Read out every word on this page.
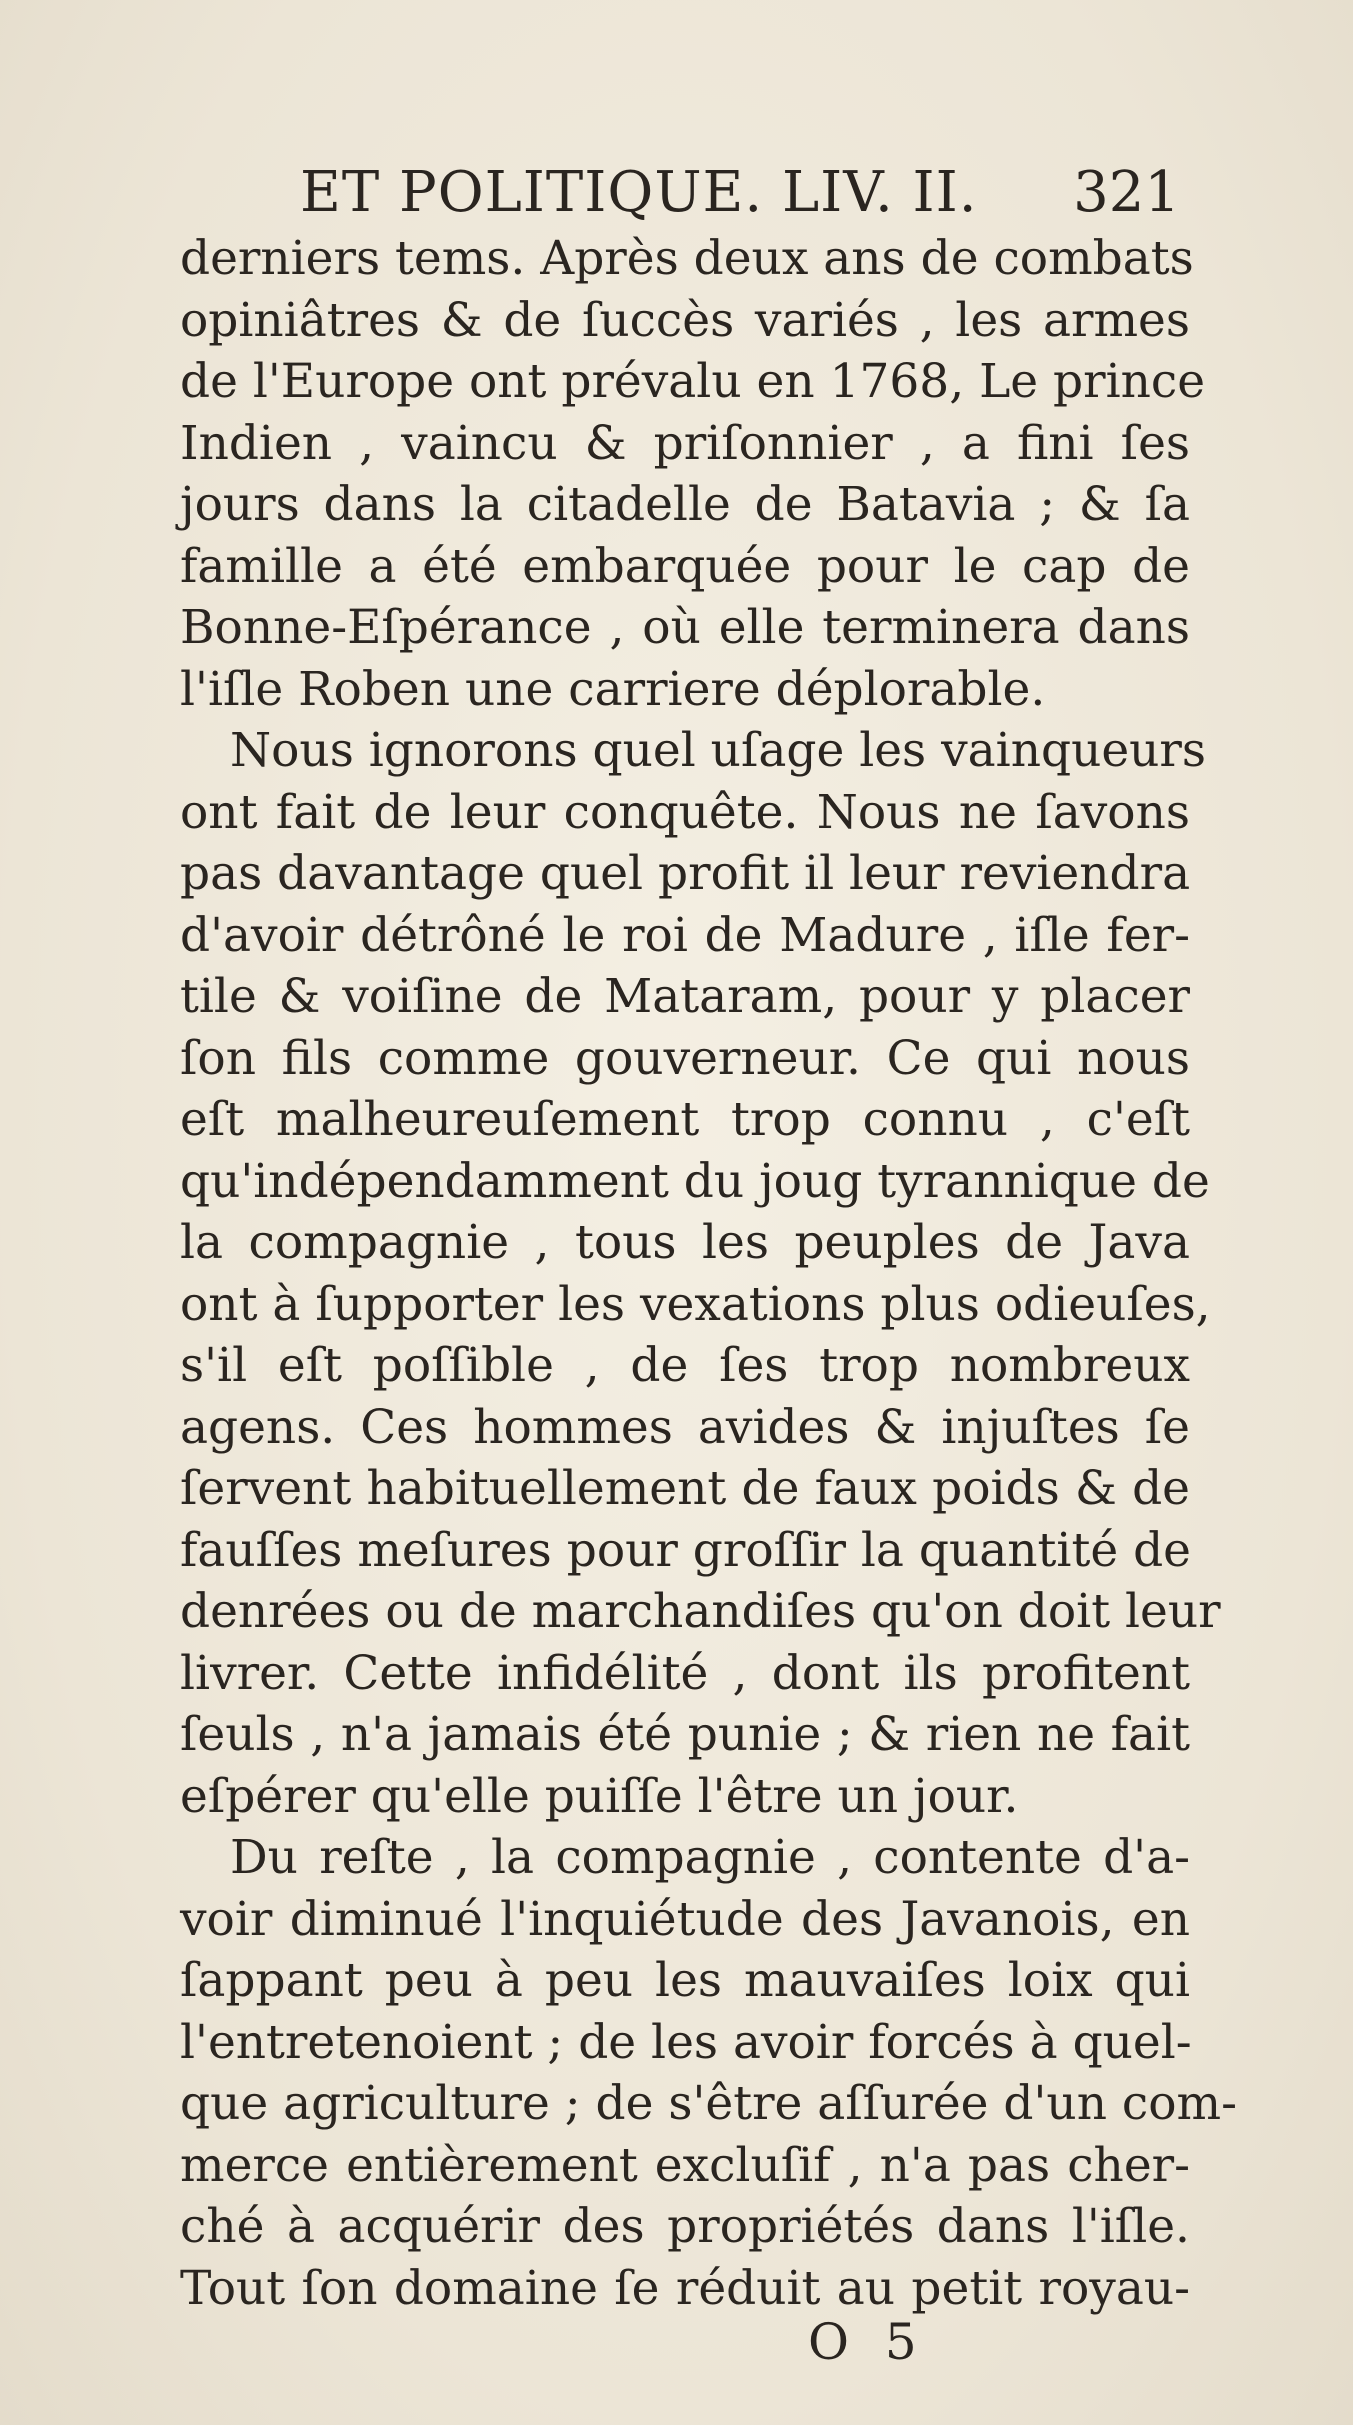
ET POLITIQUE. LIV. II. 321
derniers tems. Après deux ans de combats
opiniâtres & de ſuccès variés , les armes
de l'Europe ont prévalu en 1768, Le prince
Indien , vaincu & priſonnier , a fini ſes
jours dans la citadelle de Batavia ; & ſa
famille a été embarquée pour le cap de
Bonne-Eſpérance , où elle terminera dans
l'iſle Roben une carriere déplorable.
Nous ignorons quel uſage les vainqueurs
ont fait de leur conquête. Nous ne ſavons
pas davantage quel profit il leur reviendra
d'avoir détrôné le roi de Madure , iſle fer-
tile & voiſine de Mataram, pour y placer
ſon fils comme gouverneur. Ce qui nous
eſt malheureuſement trop connu , c'eſt
qu'indépendamment du joug tyrannique de
la compagnie , tous les peuples de Java
ont à ſupporter les vexations plus odieuſes,
s'il eſt poſſible , de ſes trop nombreux
agens. Ces hommes avides & injuſtes ſe
ſervent habituellement de faux poids & de
fauſſes meſures pour groſſir la quantité de
denrées ou de marchandiſes qu'on doit leur
livrer. Cette infidélité , dont ils profitent
ſeuls , n'a jamais été punie ; & rien ne fait
eſpérer qu'elle puiſſe l'être un jour.
Du reſte , la compagnie , contente d'a-
voir diminué l'inquiétude des Javanois, en
ſappant peu à peu les mauvaiſes loix qui
l'entretenoient ; de les avoir forcés à quel-
que agriculture ; de s'être aſſurée d'un com-
merce entièrement excluſif , n'a pas cher-
ché à acquérir des propriétés dans l'iſle.
Tout ſon domaine ſe réduit au petit royau-
O 5
